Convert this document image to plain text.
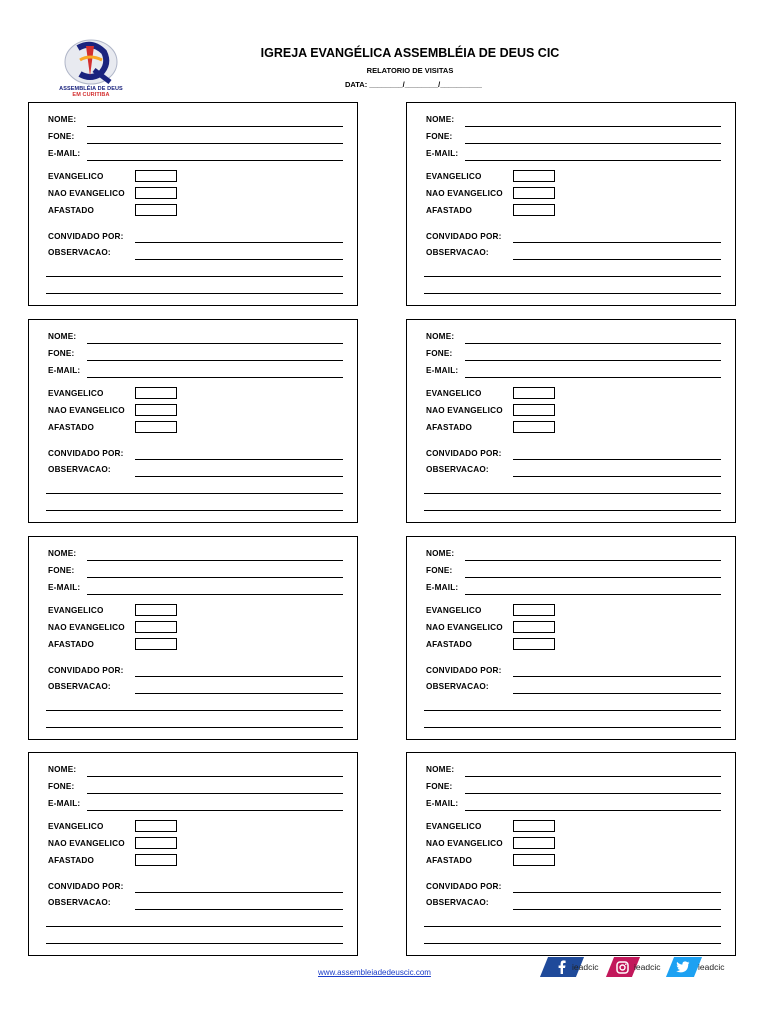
ASSEMBLÉIA DE DEUS
EM CURITIBA
IGREJA EVANGÉLICA ASSEMBLÉIA DE DEUS CIC
RELATORIO DE VISITAS
DATA: ________/________/__________
NOME:
FONE:
E-MAIL:
EVANGELICO
NAO EVANGELICO
AFASTADO
CONVIDADO POR:
OBSERVACAO:
NOME:
FONE:
E-MAIL:
EVANGELICO
NAO EVANGELICO
AFASTADO
CONVIDADO POR:
OBSERVACAO:
NOME:
FONE:
E-MAIL:
EVANGELICO
NAO EVANGELICO
AFASTADO
CONVIDADO POR:
OBSERVACAO:
NOME:
FONE:
E-MAIL:
EVANGELICO
NAO EVANGELICO
AFASTADO
CONVIDADO POR:
OBSERVACAO:
NOME:
FONE:
E-MAIL:
EVANGELICO
NAO EVANGELICO
AFASTADO
CONVIDADO POR:
OBSERVACAO:
NOME:
FONE:
E-MAIL:
EVANGELICO
NAO EVANGELICO
AFASTADO
CONVIDADO POR:
OBSERVACAO:
NOME:
FONE:
E-MAIL:
EVANGELICO
NAO EVANGELICO
AFASTADO
CONVIDADO POR:
OBSERVACAO:
NOME:
FONE:
E-MAIL:
EVANGELICO
NAO EVANGELICO
AFASTADO
CONVIDADO POR:
OBSERVACAO:
www.assembleiadedeuscic.com
ieadcic	ieadcic	ieadcic
